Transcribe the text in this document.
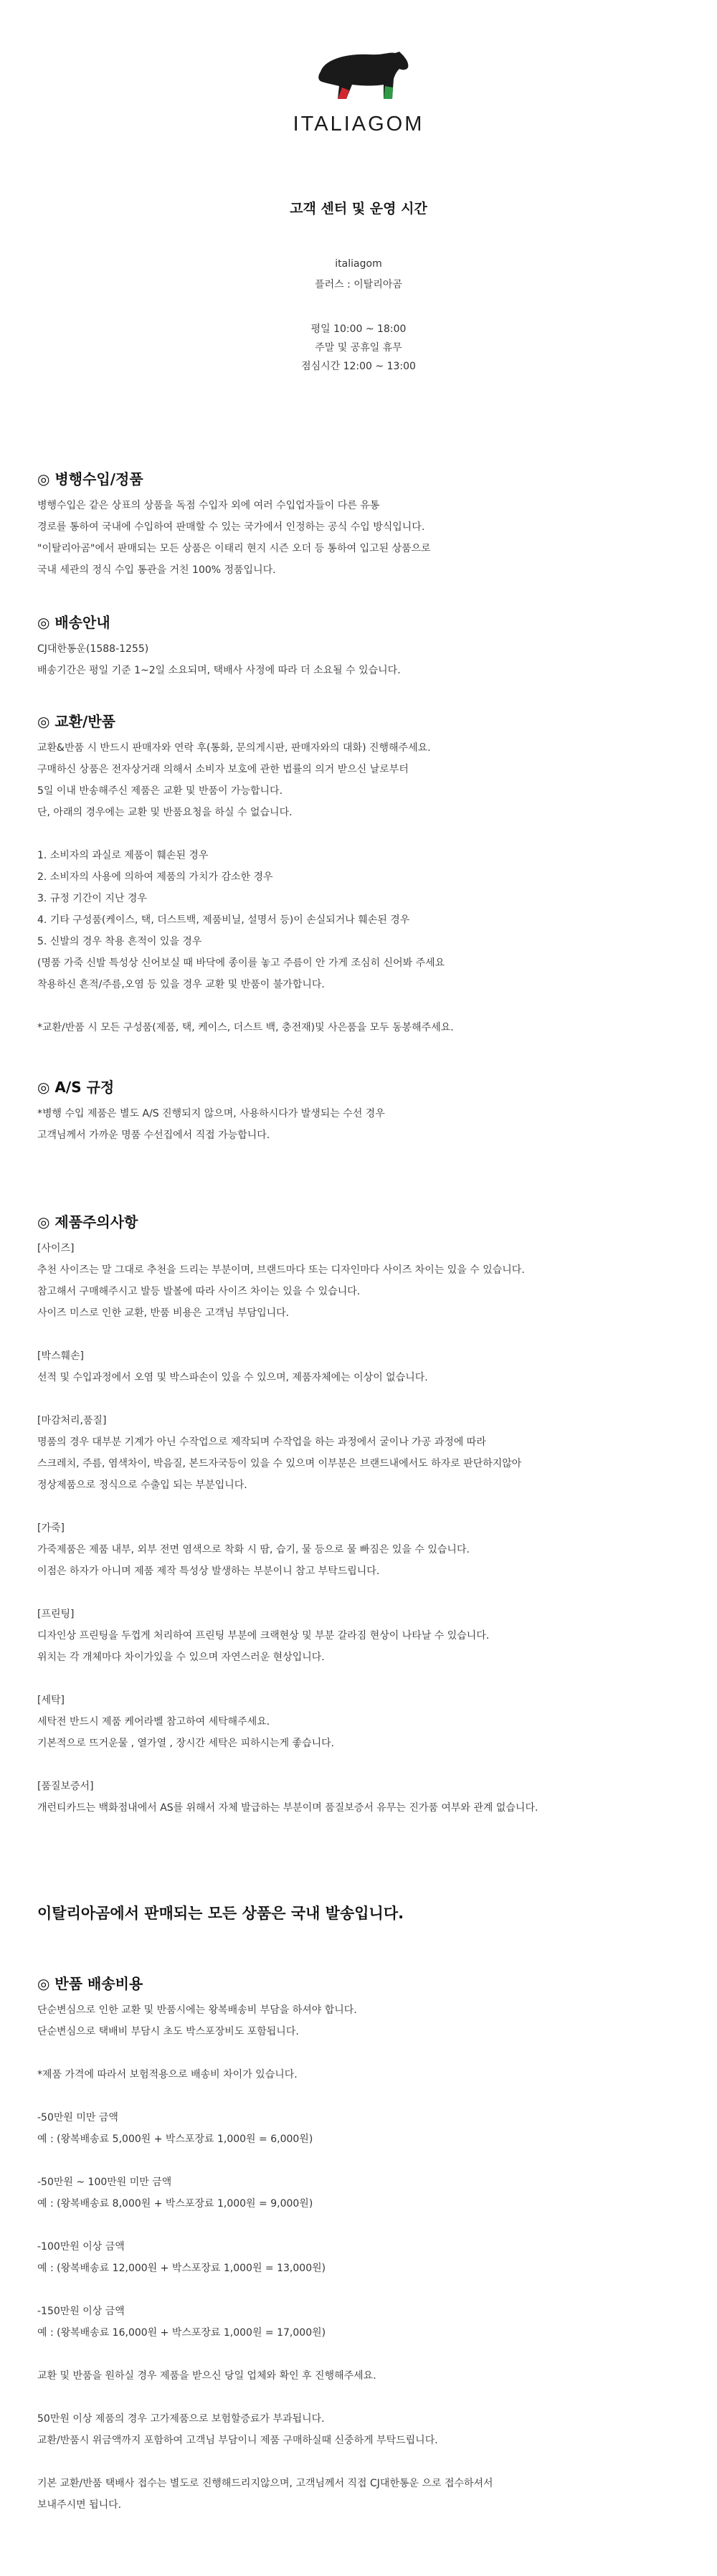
ITALIAGOM
고객 센터 및 운영 시간
italiagom
플러스 : 이탈리아곰
평일 10:00 ~ 18:00
주말 및 공휴일 휴무
점심시간 12:00 ~ 13:00
◎ 병행수입/정품
병행수입은 같은 상표의 상품을 독점 수입자 외에 여러 수입업자들이 다른 유통
경로를 통하여 국내에 수입하여 판매할 수 있는 국가에서 인정하는 공식 수입 방식입니다.
"이탈리아곰"에서 판매되는 모든 상품은 이태리 현지 시즌 오더 등 통하여 입고된 상품으로
국내 세관의 정식 수입 통관을 거친 100% 정품입니다.
◎ 배송안내
CJ대한통운(1588-1255)
배송기간은 평일 기준 1~2일 소요되며, 택배사 사정에 따라 더 소요될 수 있습니다.
◎ 교환/반품
교환&반품 시 반드시 판매자와 연락 후(통화, 문의게시판, 판매자와의 대화) 진행해주세요.
구매하신 상품은 전자상거래 의해서 소비자 보호에 관한 법률의 의거 받으신 날로부터
5일 이내 반송해주신 제품은 교환 및 반품이 가능합니다.
단, 아래의 경우에는 교환 및 반품요청을 하실 수 없습니다.

1. 소비자의 과실로 제품이 훼손된 경우
2. 소비자의 사용에 의하여 제품의 가치가 감소한 경우
3. 규정 기간이 지난 경우
4. 기타 구성품(케이스, 택, 더스트백, 제품비닐, 설명서 등)이 손실되거나 훼손된 경우
5. 신발의 경우 착용 흔적이 있을 경우
(명품 가죽 신발 특성상 신어보실 때 바닥에 종이를 놓고 주름이 안 가게 조심히 신어봐 주세요
착용하신 흔적/주름,오염 등 있을 경우 교환 및 반품이 불가합니다.

*교환/반품 시 모든 구성품(제품, 택, 케이스, 더스트 백, 충전재)및 사은품을 모두 동봉해주세요.
◎ A/S 규정
*병행 수입 제품은 별도 A/S 진행되지 않으며, 사용하시다가 발생되는 수선 경우
고객님께서 가까운 명품 수선집에서 직접 가능합니다.
◎ 제품주의사항
[사이즈]
추천 사이즈는 말 그대로 추천을 드리는 부분이며, 브랜드마다 또는 디자인마다 사이즈 차이는 있을 수 있습니다.
참고해서 구매해주시고 발등 발볼에 따라 사이즈 차이는 있을 수 있습니다.
사이즈 미스로 인한 교환, 반품 비용은 고객님 부담입니다.

[박스훼손]
선적 및 수입과정에서 오염 및 박스파손이 있을 수 있으며, 제품자체에는 이상이 없습니다.

[마감처리,품질]
명품의 경우 대부분 기계가 아닌 수작업으로 제작되며 수작업을 하는 과정에서 굴이나 가공 과정에 따라
스크레치, 주름, 염색차이, 박음질, 본드자국등이 있을 수 있으며 이부분은 브랜드내에서도 하자로 판단하지않아
정상제품으로 정식으로 수출입 되는 부분입니다.

[가죽]
가죽제품은 제품 내부, 외부 전면 염색으로 착화 시 땀, 습기, 물 등으로 물 빠짐은 있을 수 있습니다.
이점은 하자가 아니며 제품 제작 특성상 발생하는 부분이니 참고 부탁드립니다.

[프린팅]
디자인상 프린팅을 두껍게 처리하여 프린팅 부분에 크랙현상 및 부분 갈라짐 현상이 나타날 수 있습니다.
위치는 각 개체마다 차이가있을 수 있으며 자연스러운 현상입니다.

[세탁]
세탁전 반드시 제품 케어라벨 참고하여 세탁해주세요.
기본적으로 뜨거운물 , 열가열 , 장시간 세탁은 피하시는게 좋습니다.

[품질보증서]
개런티카드는 백화점내에서 AS를 위해서 자체 발급하는 부분이며 품질보증서 유무는 진가품 여부와 관계 없습니다.
이탈리아곰에서 판매되는 모든 상품은 국내 발송입니다.
◎ 반품 배송비용
단순변심으로 인한 교환 및 반품시에는 왕복배송비 부담을 하셔야 합니다.
단순변심으로 택배비 부담시 초도 박스포장비도 포함됩니다.

*제품 가격에 따라서 보험적용으로 배송비 차이가 있습니다.

-50만원 미만 금액
예 : (왕복배송료 5,000원 + 박스포장료 1,000원 = 6,000원)

-50만원 ~ 100만원 미만 금액
예 : (왕복배송료 8,000원 + 박스포장료 1,000원 = 9,000원)

-100만원 이상 금액
예 : (왕복배송료 12,000원 + 박스포장료 1,000원 = 13,000원)

-150만원 이상 금액
예 : (왕복배송료 16,000원 + 박스포장료 1,000원 = 17,000원)

교환 및 반품을 원하실 경우 제품을 받으신 당일 업체와 확인 후 진행해주세요.

50만원 이상 제품의 경우 고가제품으로 보험할증료가 부과됩니다.
교환/반품시 위금액까지 포함하여 고객님 부담이니 제품 구매하실때 신중하게 부탁드립니다.

기본 교환/반품 택배사 접수는 별도로 진행해드리지않으며, 고객님께서 직접 CJ대한통운 으로 접수하셔서
보내주시면 됩니다.
